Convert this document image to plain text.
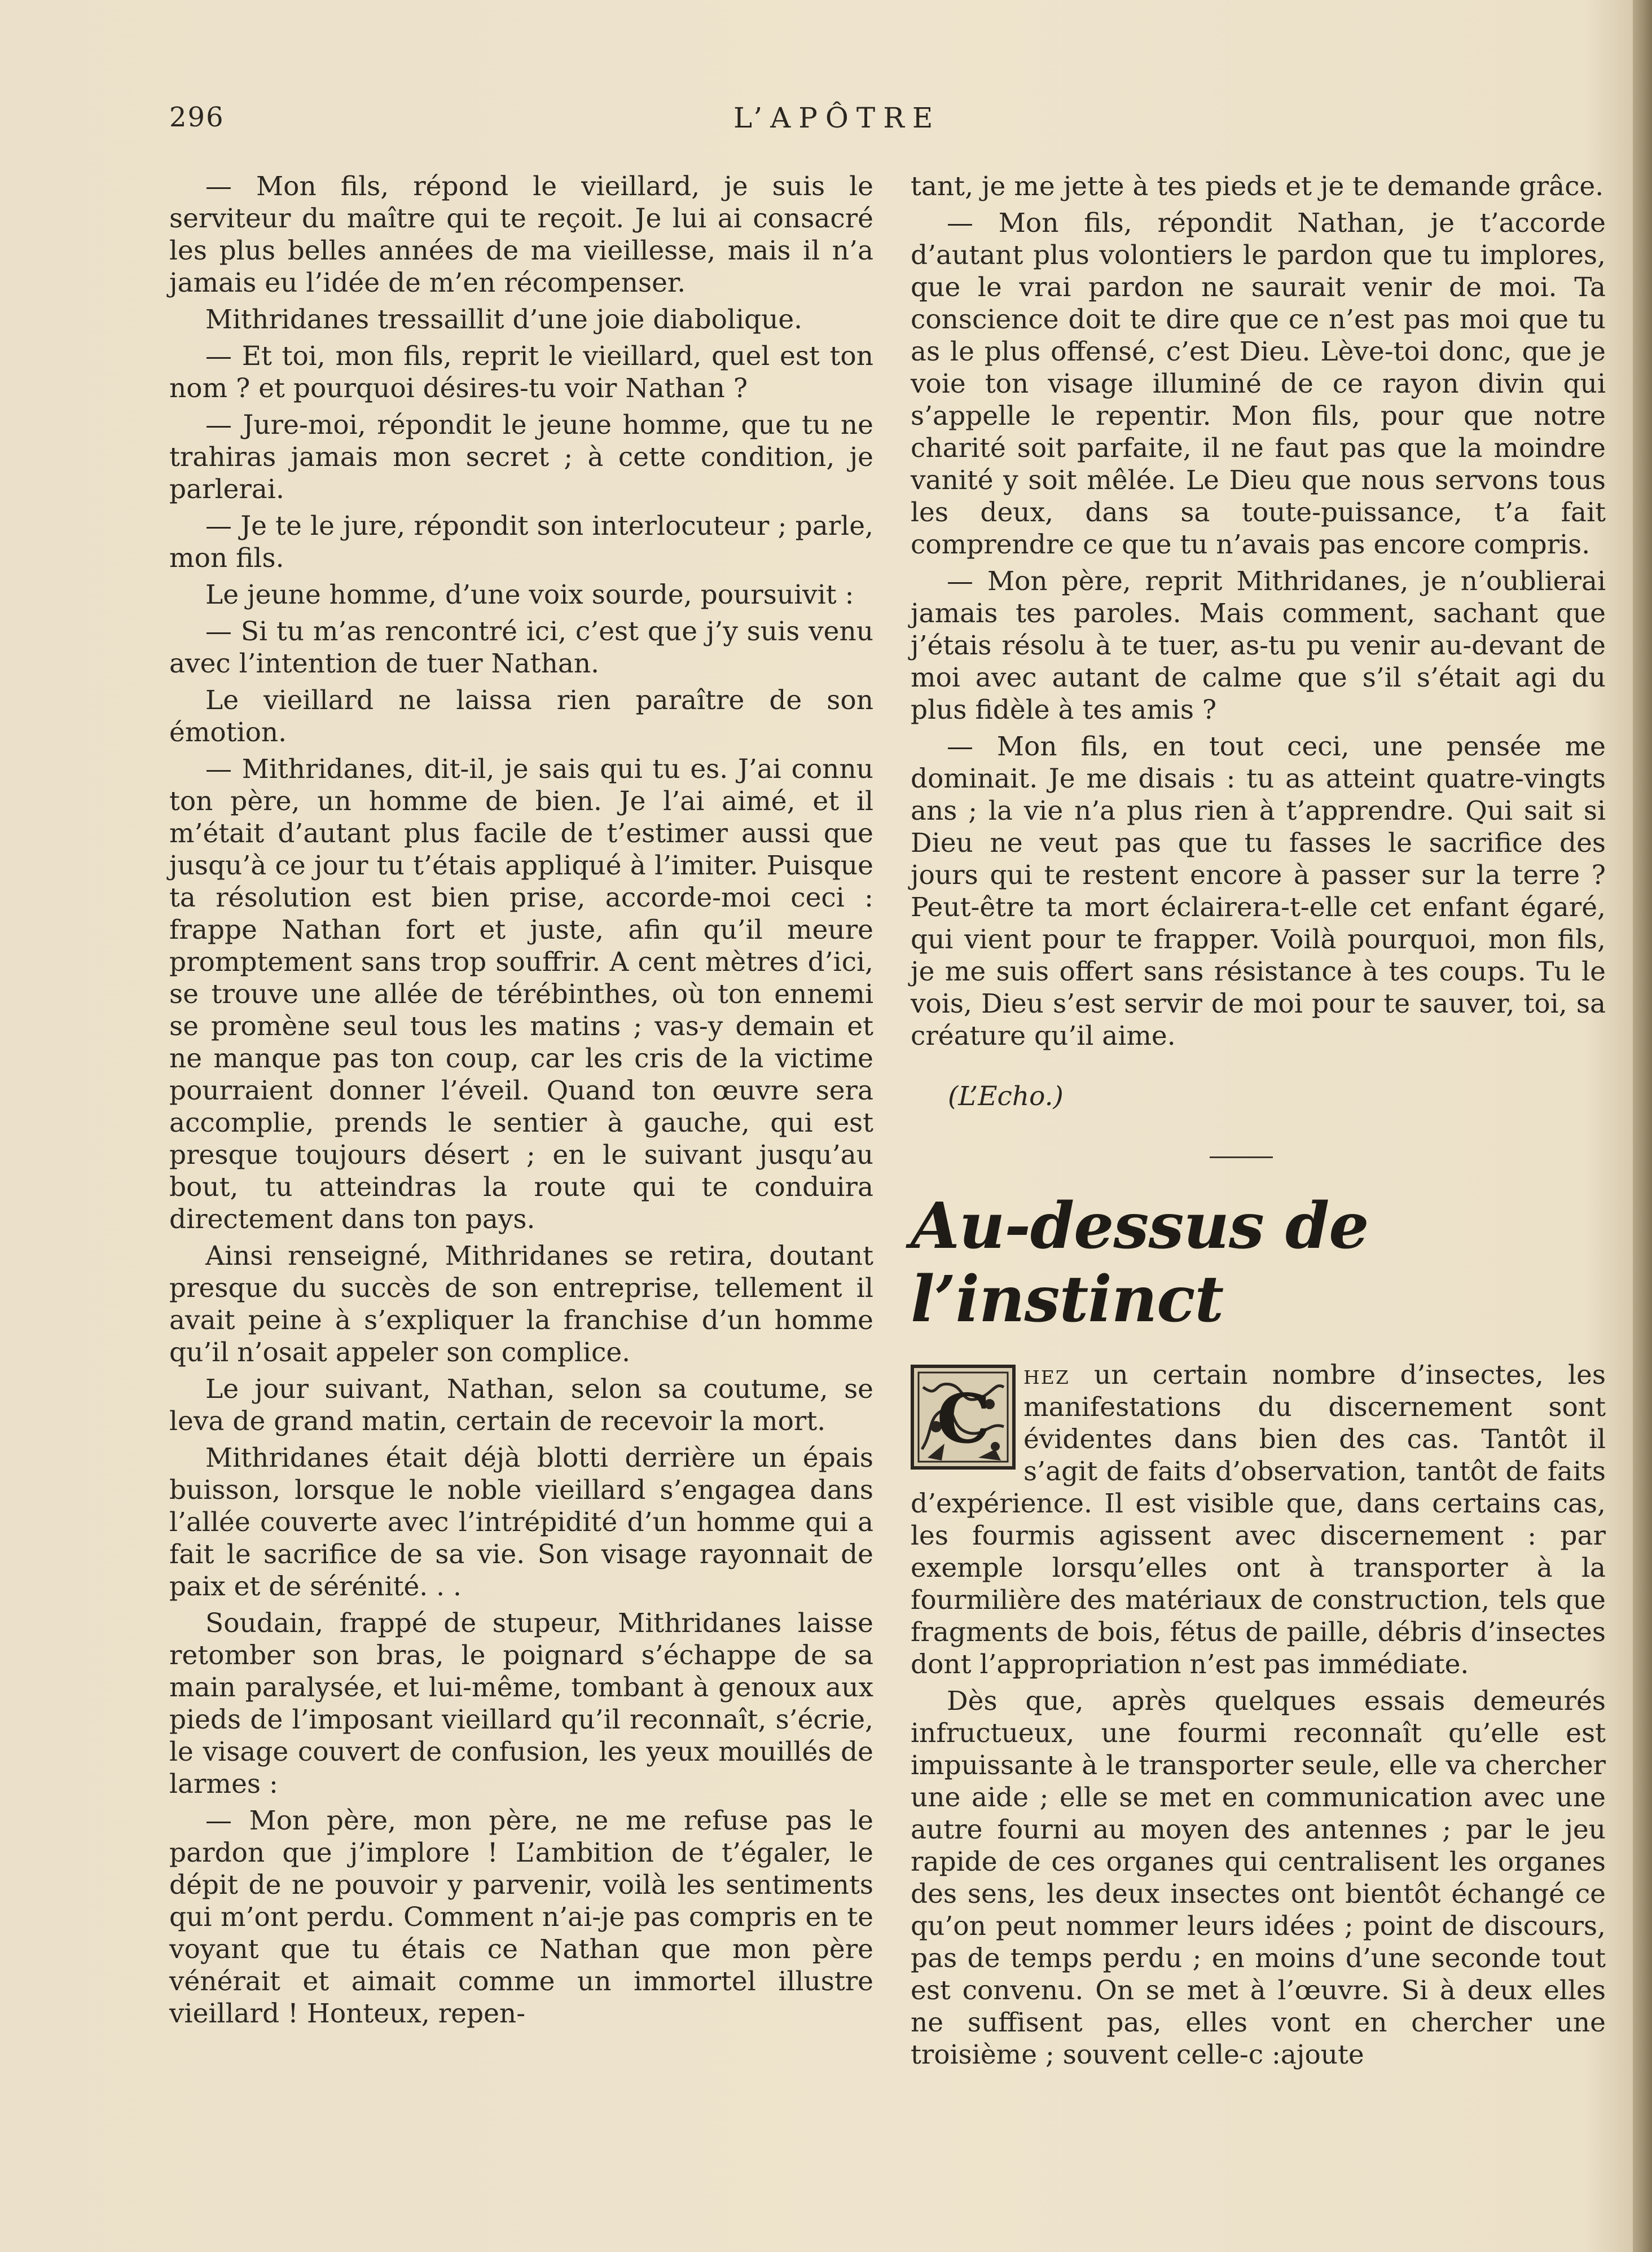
296	L’APÔTRE

— Mon fils, répond le vieillard, je suis le serviteur du maître qui te reçoit. Je lui ai consacré les plus belles années de ma vieillesse, mais il n’a jamais eu l’idée de m’en récompenser.

Mithridanes tressaillit d’une joie diabolique.

— Et toi, mon fils, reprit le vieillard, quel est ton nom ? et pourquoi désires-tu voir Nathan ?

— Jure-moi, répondit le jeune homme, que tu ne trahiras jamais mon secret ; à cette condition, je parlerai.

— Je te le jure, répondit son interlocuteur ; parle, mon fils.

Le jeune homme, d’une voix sourde, poursuivit :

— Si tu m’as rencontré ici, c’est que j’y suis venu avec l’intention de tuer Nathan.

Le vieillard ne laissa rien paraître de son émotion.

— Mithridanes, dit-il, je sais qui tu es. J’ai connu ton père, un homme de bien. Je l’ai aimé, et il m’était d’autant plus facile de t’estimer aussi que jusqu’à ce jour tu t’étais appliqué à l’imiter. Puisque ta résolution est bien prise, accorde-moi ceci : frappe Nathan fort et juste, afin qu’il meure promptement sans trop souffrir. A cent mètres d’ici, se trouve une allée de térébinthes, où ton ennemi se promène seul tous les matins ; vas-y demain et ne manque pas ton coup, car les cris de la victime pourraient donner l’éveil. Quand ton œuvre sera accomplie, prends le sentier à gauche, qui est presque toujours désert ; en le suivant jusqu’au bout, tu atteindras la route qui te conduira directement dans ton pays.

Ainsi renseigné, Mithridanes se retira, doutant presque du succès de son entreprise, tellement il avait peine à s’expliquer la franchise d’un homme qu’il n’osait appeler son complice.

Le jour suivant, Nathan, selon sa coutume, se leva de grand matin, certain de recevoir la mort.

Mithridanes était déjà blotti derrière un épais buisson, lorsque le noble vieillard s’engagea dans l’allée couverte avec l’intrépidité d’un homme qui a fait le sacrifice de sa vie. Son visage rayonnait de paix et de sérénité. . .

Soudain, frappé de stupeur, Mithridanes laisse retomber son bras, le poignard s’échappe de sa main paralysée, et lui-même, tombant à genoux aux pieds de l’imposant vieillard qu’il reconnaît, s’écrie, le visage couvert de confusion, les yeux mouillés de larmes :

— Mon père, mon père, ne me refuse pas le pardon que j’implore ! L’ambition de t’égaler, le dépit de ne pouvoir y parvenir, voilà les sentiments qui m’ont perdu. Comment n’ai-je pas compris en te voyant que tu étais ce Nathan que mon père vénérait et aimait comme un immortel illustre vieillard ! Honteux, repen-

tant, je me jette à tes pieds et je te demande grâce.

— Mon fils, répondit Nathan, je t’accorde d’autant plus volontiers le pardon que tu implores, que le vrai pardon ne saurait venir de moi. Ta conscience doit te dire que ce n’est pas moi que tu as le plus offensé, c’est Dieu. Lève-toi donc, que je voie ton visage illuminé de ce rayon divin qui s’appelle le repentir. Mon fils, pour que notre charité soit parfaite, il ne faut pas que la moindre vanité y soit mêlée. Le Dieu que nous servons tous les deux, dans sa toute-puissance, t’a fait comprendre ce que tu n’avais pas encore compris.

— Mon père, reprit Mithridanes, je n’oublierai jamais tes paroles. Mais comment, sachant que j’étais résolu à te tuer, as-tu pu venir au-devant de moi avec autant de calme que s’il s’était agi du plus fidèle à tes amis ?

— Mon fils, en tout ceci, une pensée me dominait. Je me disais : tu as atteint quatre-vingts ans ; la vie n’a plus rien à t’apprendre. Qui sait si Dieu ne veut pas que tu fasses le sacrifice des jours qui te restent encore à passer sur la terre ? Peut-être ta mort éclairera-t-elle cet enfant égaré, qui vient pour te frapper. Voilà pourquoi, mon fils, je me suis offert sans résistance à tes coups. Tu le vois, Dieu s’est servir de moi pour te sauver, toi, sa créature qu’il aime.

(L’Echo.)
Au-dessus de l’instinct

C
hez un certain nombre d’insectes, les manifestations du discernement sont évidentes dans bien des cas. Tantôt il s’agit de faits d’observation, tantôt de faits d’expérience. Il est visible que, dans certains cas, les fourmis agissent avec discernement : par exemple lorsqu’elles ont à transporter à la fourmilière des matériaux de construction, tels que fragments de bois, fétus de paille, débris d’insectes dont l’appropriation n’est pas immédiate.

Dès que, après quelques essais demeurés infructueux, une fourmi reconnaît qu’elle est impuissante à le transporter seule, elle va chercher une aide ; elle se met en communication avec une autre fourni au moyen des antennes ; par le jeu rapide de ces organes qui centralisent les organes des sens, les deux insectes ont bientôt échangé ce qu’on peut nommer leurs idées ; point de discours, pas de temps perdu ; en moins d’une seconde tout est convenu. On se met à l’œuvre. Si à deux elles ne suffisent pas, elles vont en chercher une troisième ; souvent celle-c :ajoute
